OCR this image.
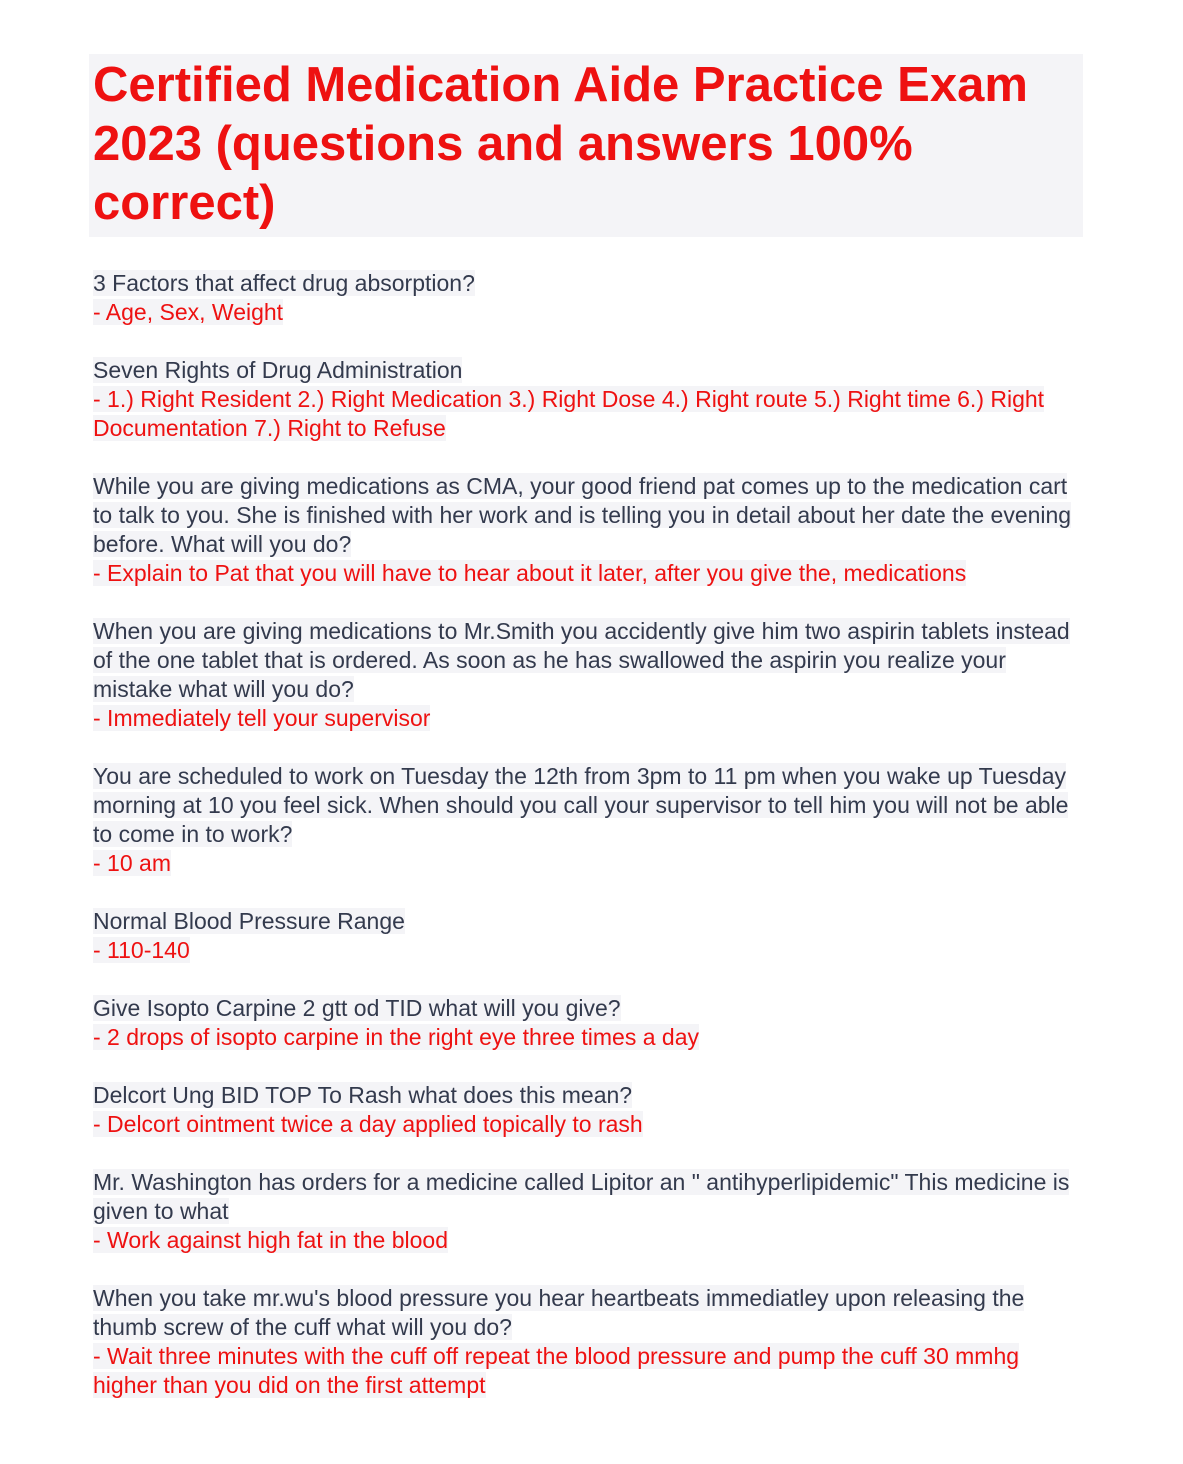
Certified Medication Aide Practice Exam 2023 (questions and answers 100% correct)
3 Factors that affect drug absorption?
- Age, Sex, Weight
Seven Rights of Drug Administration
- 1.) Right Resident 2.) Right Medication 3.) Right Dose 4.) Right route 5.) Right time 6.) Right Documentation 7.) Right to Refuse
While you are giving medications as CMA, your good friend pat comes up to the medication cart to talk to you. She is finished with her work and is telling you in detail about her date the evening before. What will you do?
- Explain to Pat that you will have to hear about it later, after you give the, medications
When you are giving medications to Mr.Smith you accidently give him two aspirin tablets instead of the one tablet that is ordered. As soon as he has swallowed the aspirin you realize your mistake what will you do?
- Immediately tell your supervisor
You are scheduled to work on Tuesday the 12th from 3pm to 11 pm when you wake up Tuesday morning at 10 you feel sick. When should you call your supervisor to tell him you will not be able to come in to work?
- 10 am
Normal Blood Pressure Range
- 110-140
Give Isopto Carpine 2 gtt od TID what will you give?
- 2 drops of isopto carpine in the right eye three times a day
Delcort Ung BID TOP To Rash what does this mean?
- Delcort ointment twice a day applied topically to rash
Mr. Washington has orders for a medicine called Lipitor an " antihyperlipidemic" This medicine is given to what
- Work against high fat in the blood
When you take mr.wu's blood pressure you hear heartbeats immediatley upon releasing the thumb screw of the cuff what will you do?
- Wait three minutes with the cuff off repeat the blood pressure and pump the cuff 30 mmhg higher than you did on the first attempt
